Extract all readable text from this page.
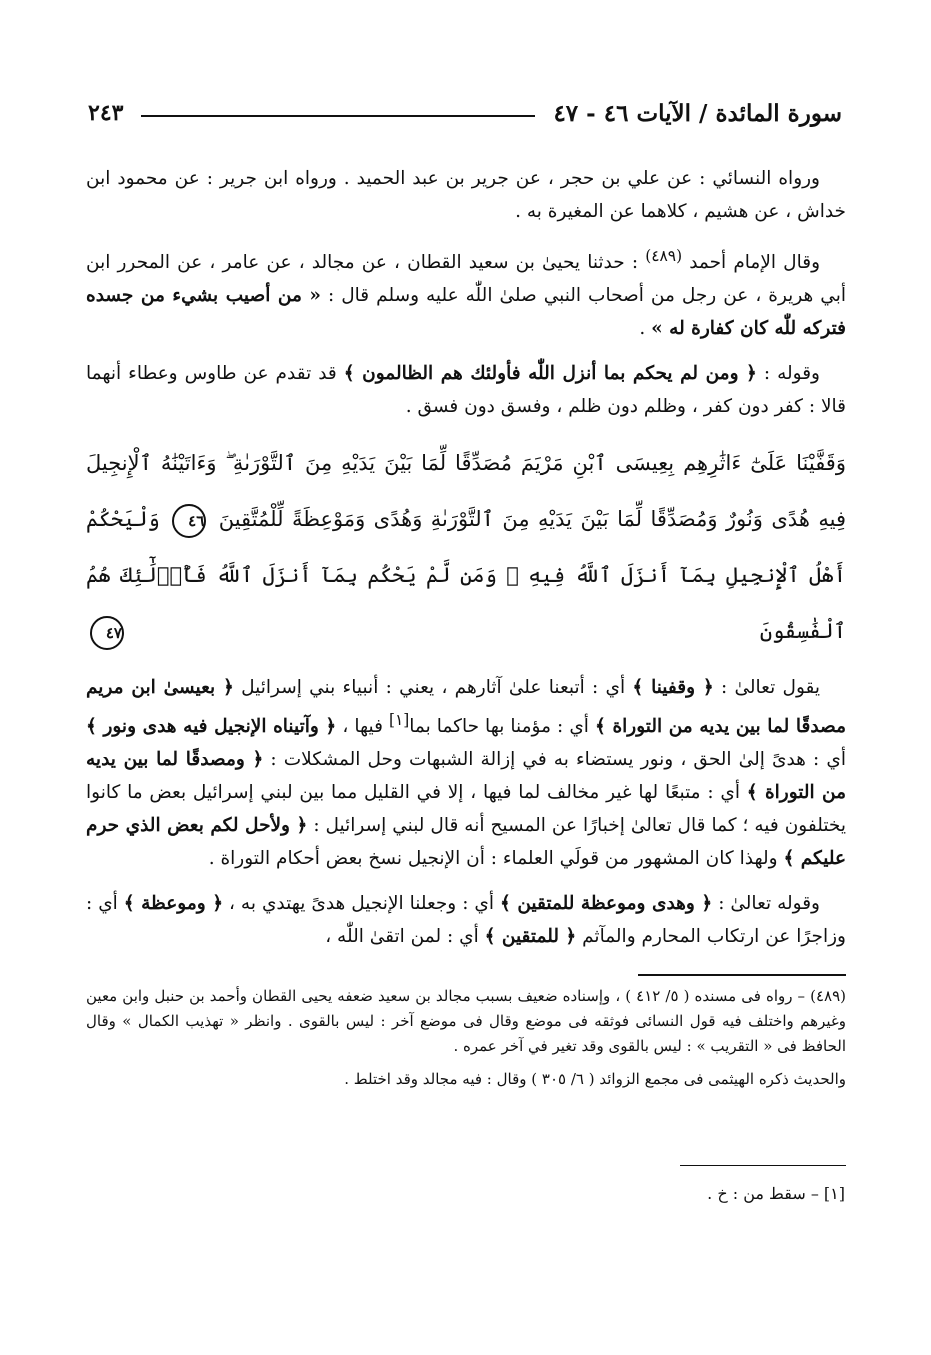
سورة المائدة / الآيات ٤٦ - ٤٧
٢٤٣

ورواه النسائي : عن علي بن حجر ، عن جرير بن عبد الحميد . ورواه ابن جرير : عن محمود ابن خداش ، عن هشيم ، كلاهما عن المغيرة به .

وقال الإمام أحمد $^{(٤٨٩)}$ : حدثنا يحيىٰ بن سعيد القطان ، عن مجالد ، عن عامر ، عن المحرر ابن أبي هريرة ، عن رجل من أصحاب النبي صلىٰ اللّٰه عليه وسلم قال : « من أصيب بشيء من جسده فتركه للّٰه كان كفارة له » .

وقوله : ﴿ ومن لم يحكم بما أنزل اللّٰه فأولئك هم الظالمون ﴾ قد تقدم عن طاوس وعطاء أنهما قالا : كفر دون كفر ، وظلم دون ظلم ، وفسق دون فسق .

وَقَفَّيْنَا عَلَىٰٓ ءَاثَٰرِهِم بِعِيسَى ٱبْنِ مَرْيَمَ مُصَدِّقًا لِّمَا بَيْنَ يَدَيْهِ مِنَ ٱلتَّوْرَىٰةِ ۖ وَءَاتَيْنَٰهُ ٱلْإِنجِيلَ فِيهِ هُدًى وَنُورٌ وَمُصَدِّقًا لِّمَا بَيْنَ يَدَيْهِ مِنَ ٱلتَّوْرَىٰةِ وَهُدًى وَمَوْعِظَةً لِّلْمُتَّقِينَ ٤٦ وَلْيَحْكُمْ أَهْلُ ٱلْإِنجِيلِ بِمَآ أَنزَلَ ٱللَّهُ فِيهِ ۚ وَمَن لَّمْ يَحْكُم بِمَآ أَنزَلَ ٱللَّهُ فَأُو۟لَٰٓئِكَ هُمُ ٱلْفَٰسِقُونَ ٤٧

يقول تعالىٰ : ﴿ وقفينا ﴾ أي : أتبعنا علىٰ آثارهم ، يعني : أنبياء بني إسرائيل ﴿ بعيسىٰ ابن مريم مصدقًا لما بين يديه من التوراة ﴾ أي : مؤمنا بها حاكما بما[١] فيها ، ﴿ وآتيناه الإنجيل فيه هدى ونور ﴾ أي : هدىً إلىٰ الحق ، ونور يستضاء به في إزالة الشبهات وحل المشكلات : ﴿ ومصدقًا لما بين يديه من التوراة ﴾ أي : متبعًا لها غير مخالف لما فيها ، إلا في القليل مما بين لبني إسرائيل بعض ما كانوا يختلفون فيه ؛ كما قال تعالىٰ إخبارًا عن المسيح أنه قال لبني إسرائيل : ﴿ ولأحل لكم بعض الذي حرم عليكم ﴾ ولهذا كان المشهور من قولَي العلماء : أن الإنجيل نسخ بعض أحكام التوراة .

وقوله تعالىٰ : ﴿ وهدى وموعظة للمتقين ﴾ أي : وجعلنا الإنجيل هدىً يهتدي به ، ﴿ وموعظة ﴾ أي : وزاجرًا عن ارتكاب المحارم والمآثم ﴿ للمتقين ﴾ أي : لمن اتقىٰ اللّٰه ،

(٤٨٩) – رواه فى مسنده ( ٥/ ٤١٢ ) ، وإسناده ضعيف بسبب مجالد بن سعيد ضعفه يحيى القطان وأحمد بن حنبل وابن معين وغيرهم واختلف فيه قول النسائى فوثقه فى موضع وقال فى موضع آخر : ليس بالقوى . وانظر « تهذيب الكمال » وقال الحافظ فى « التقريب » : ليس بالقوى وقد تغير في آخر عمره .

والحديث ذكره الهيثمى فى مجمع الزوائد ( ٦/ ٣٠٥ ) وقال : فيه مجالد وقد اختلط .

[١] – سقط من : خ .
